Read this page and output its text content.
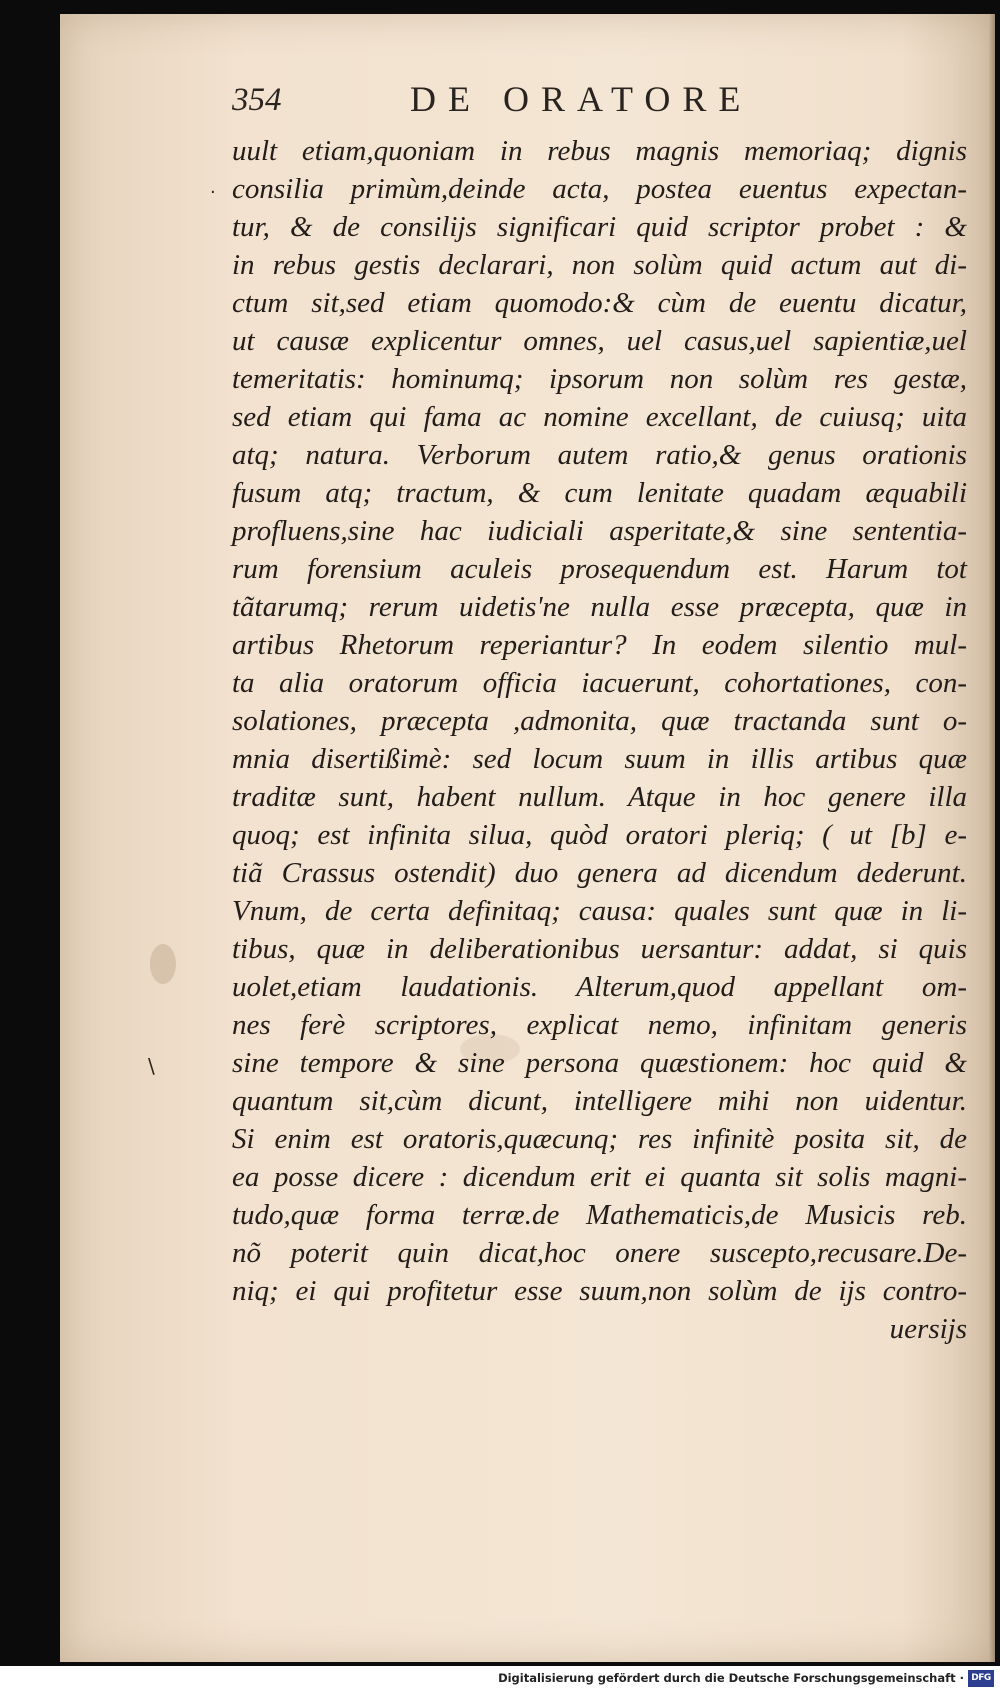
\
·
354	DE ORATORE
uult etiam,quoniam in rebus magnis memoriaq; dignis
consilia primùm,deinde acta, postea euentus expectan-
tur, & de consilijs significari quid scriptor probet : &
in rebus gestis declarari, non solùm quid actum aut di-
ctum sit,sed etiam quomodo:& cùm de euentu dicatur,
ut causæ explicentur omnes, uel casus,uel sapientiæ,uel
temeritatis: hominumq; ipsorum non solùm res gestæ,
sed etiam qui fama ac nomine excellant, de cuiusq; uita
atq; natura. Verborum autem ratio,& genus orationis
fusum atq; tractum, & cum lenitate quadam æquabili
profluens,sine hac iudiciali asperitate,& sine sententia-
rum forensium aculeis prosequendum est. Harum tot
tãtarumq; rerum uidetis'ne nulla esse præcepta, quæ in
artibus Rhetorum reperiantur? In eodem silentio mul-
ta alia oratorum officia iacuerunt, cohortationes, con-
solationes, præcepta ,admonita, quæ tractanda sunt o-
mnia disertißimè: sed locum suum in illis artibus quæ
traditæ sunt, habent nullum. Atque in hoc genere illa
quoq; est infinita silua, quòd oratori pleriq; ( ut [b] e-
tiã Crassus ostendit) duo genera ad dicendum dederunt.
Vnum, de certa definitaq; causa: quales sunt quæ in li-
tibus, quæ in deliberationibus uersantur: addat, si quis
uolet,etiam laudationis. Alterum,quod appellant om-
nes ferè scriptores, explicat nemo, infinitam generis
sine tempore & sine persona quæstionem: hoc quid &
quantum sit,cùm dicunt, intelligere mihi non uidentur.
Si enim est oratoris,quæcunq; res infinitè posita sit, de
ea posse dicere : dicendum erit ei quanta sit solis magni-
tudo,quæ forma terræ.de Mathematicis,de Musicis reb.
nõ poterit quin dicat,hoc onere suscepto,recusare.De-
niq; ei qui profitetur esse suum,non solùm de ijs contro-
uersijs
Digitalisierung gefördert durch die Deutsche Forschungsgemeinschaft · DFG
